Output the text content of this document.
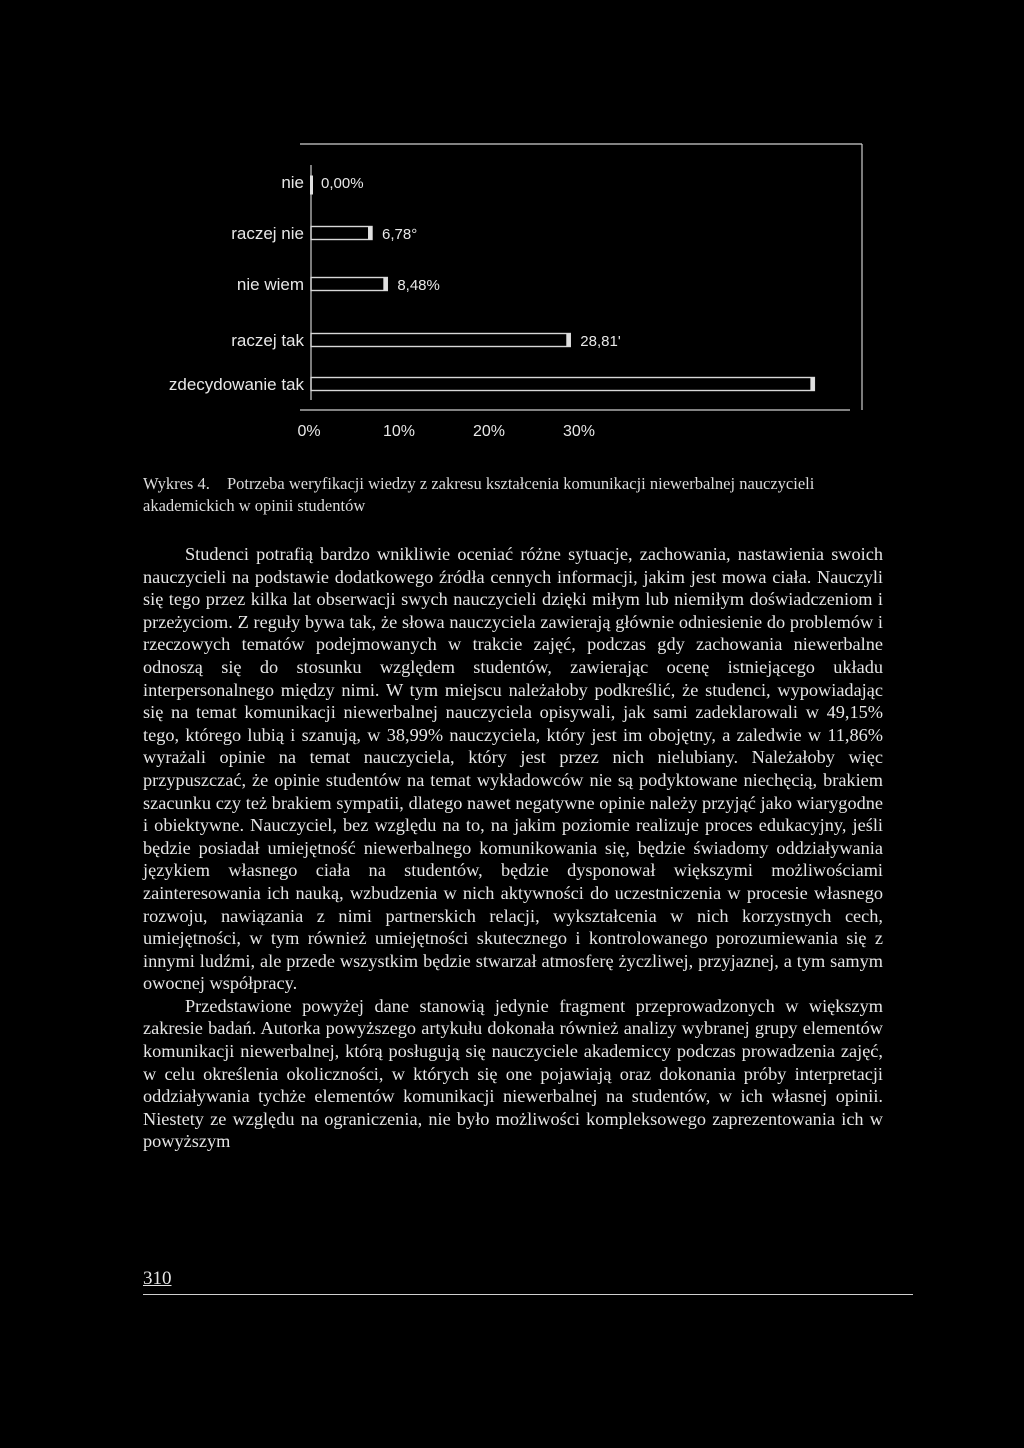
nie
raczej nie
nie wiem
raczej tak
zdecydowanie tak
0,00%
6,78°
8,48%
28,81'
0%	10%	20%	30%
Wykres 4. Potrzeba weryfikacji wiedzy z zakresu kształcenia komunikacji niewerbalnej nauczycieli akademickich w opinii studentów

Studenci potrafią bardzo wnikliwie oceniać różne sytuacje, zachowania, nastawienia swoich nauczycieli na podstawie dodatkowego źródła cennych informacji, jakim jest mowa ciała. Nauczyli się tego przez kilka lat obserwacji swych nauczycieli dzięki miłym lub niemiłym doświadczeniom i przeżyciom. Z reguły bywa tak, że słowa nauczyciela zawierają głównie odniesienie do problemów i rzeczowych tematów podejmowanych w trakcie zajęć, podczas gdy zachowania niewerbalne odnoszą się do stosunku względem studentów, zawierając ocenę istniejącego układu interpersonalnego między nimi. W tym miejscu należałoby podkreślić, że studenci, wypowiadając się na temat komunikacji niewerbalnej nauczyciela opisywali, jak sami zadeklarowali w 49,15% tego, którego lubią i szanują, w 38,99% nauczyciela, który jest im obojętny, a zaledwie w 11,86% wyrażali opinie na temat nauczyciela, który jest przez nich nielubiany. Należałoby więc przypuszczać, że opinie studentów na temat wykładowców nie są podyktowane niechęcią, brakiem szacunku czy też brakiem sympatii, dlatego nawet negatywne opinie należy przyjąć jako wiarygodne i obiektywne. Nauczyciel, bez względu na to, na jakim poziomie realizuje proces edukacyjny, jeśli będzie posiadał umiejętność niewerbalnego komunikowania się, będzie świadomy oddziaływania językiem własnego ciała na studentów, będzie dysponował większymi możliwościami zainteresowania ich nauką, wzbudzenia w nich aktywności do uczestniczenia w procesie własnego rozwoju, nawiązania z nimi partnerskich relacji, wykształcenia w nich korzystnych cech, umiejętności, w tym również umiejętności skutecznego i kontrolowanego porozumiewania się z innymi ludźmi, ale przede wszystkim będzie stwarzał atmosferę życzliwej, przyjaznej, a tym samym owocnej współpracy.

Przedstawione powyżej dane stanowią jedynie fragment przeprowadzonych w większym zakresie badań. Autorka powyższego artykułu dokonała również analizy wybranej grupy elementów komunikacji niewerbalnej, którą posługują się nauczyciele akademiccy podczas prowadzenia zajęć, w celu określenia okoliczności, w których się one pojawiają oraz dokonania próby interpretacji oddziaływania tychże elementów komunikacji niewerbalnej na studentów, w ich własnej opinii. Niestety ze względu na ograniczenia, nie było możliwości kompleksowego zaprezentowania ich w powyższym

310
